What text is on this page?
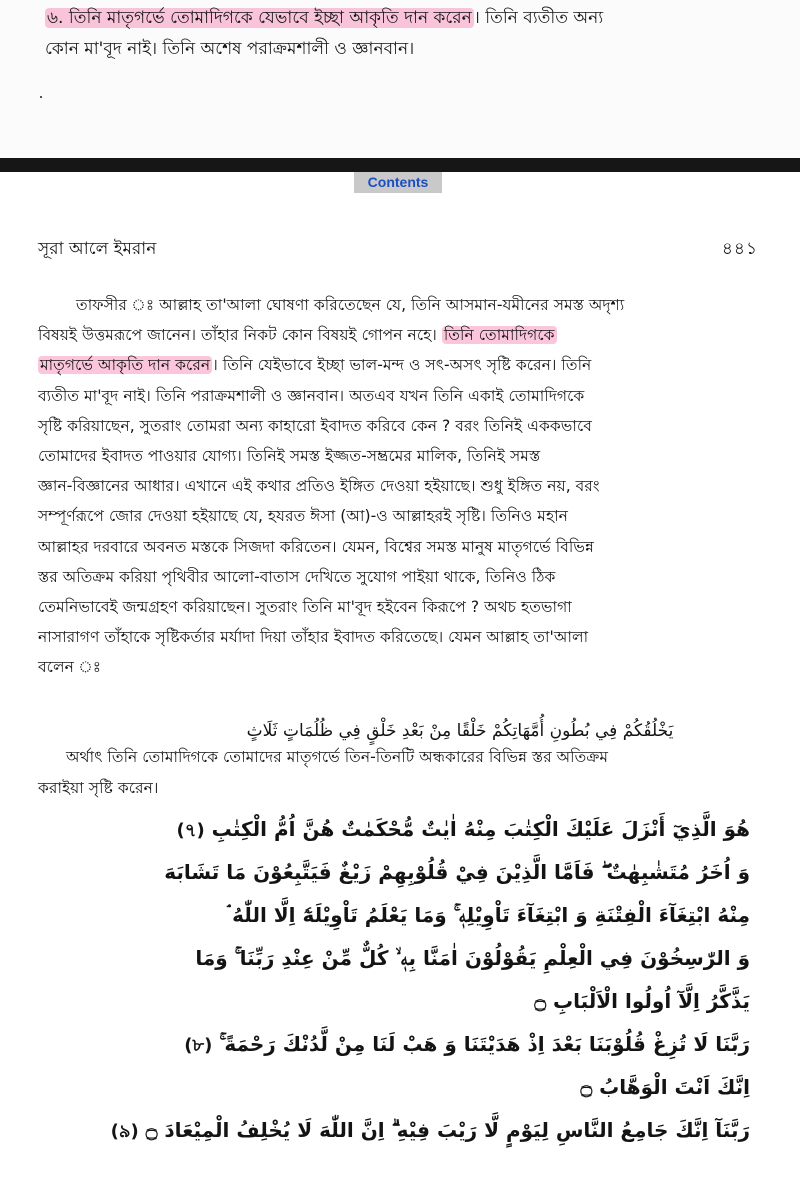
৬. তিনি মাতৃগর্ভে তোমাদিগকে যেভাবে ইচ্ছা আকৃতি দান করেন । তিনি ব্যতীত অন্য
কোন মা'বূদ নাই। তিনি অশেষ পরাক্রমশালী ও জ্ঞানবান।
Contents
সূরা আলে ইমরান	৪৪১
তাফসীর ঃ আল্লাহ তা'আলা ঘোষণা করিতেছেন যে, তিনি আসমান-যমীনের সমস্ত অদৃশ্য
বিষয়ই উত্তমরূপে জানেন। তাঁহার নিকট কোন বিষয়ই গোপন নহে। তিনি তোমাদিগকে
মাতৃগর্ভে আকৃতি দান করেন । তিনি যেইভাবে ইচ্ছা ভাল-মন্দ ও সৎ-অসৎ সৃষ্টি করেন। তিনি
ব্যতীত মা'বূদ নাই। তিনি পরাক্রমশালী ও জ্ঞানবান। অতএব যখন তিনি একাই তোমাদিগকে
সৃষ্টি করিয়াছেন, সুতরাং তোমরা অন্য কাহারো ইবাদত করিবে কেন ? বরং তিনিই এককভাবে
তোমাদের ইবাদত পাওয়ার যোগ্য। তিনিই সমস্ত ইজ্জত-সম্ভ্রমের মালিক, তিনিই সমস্ত
জ্ঞান-বিজ্ঞানের আধার। এখানে এই কথার প্রতিও ইঙ্গিত দেওয়া হইয়াছে। শুধু ইঙ্গিত নয়, বরং
সম্পূর্ণরূপে জোর দেওয়া হইয়াছে যে, হযরত ঈসা (আ)-ও আল্লাহরই সৃষ্টি। তিনিও মহান
আল্লাহর দরবারে অবনত মস্তকে সিজদা করিতেন। যেমন, বিশ্বের সমস্ত মানুষ মাতৃগর্ভে বিভিন্ন
স্তর অতিক্রম করিয়া পৃথিবীর আলো-বাতাস দেখিতে সুযোগ পাইয়া থাকে, তিনিও ঠিক
তেমনিভাবেই জন্মগ্রহণ করিয়াছেন। সুতরাং তিনি মা'বূদ হইবেন কিরূপে ? অথচ হতভাগা
নাসারাগণ তাঁহাকে সৃষ্টিকর্তার মর্যাদা দিয়া তাঁহার ইবাদত করিতেছে। যেমন আল্লাহ তা'আলা
বলেন ঃ
يَخْلُقُكُمْ فِي بُطُونِ أُمَّهَاتِكُمْ خَلْقًا مِنْ بَعْدِ خَلْقٍ فِي ظُلُمَاتٍ ثَلَاثٍ
অর্থাৎ তিনি তোমাদিগকে তোমাদের মাতৃগর্ভে তিন-তিনটি অন্ধকারের বিভিন্ন স্তর অতিক্রম
করাইয়া সৃষ্টি করেন।
هُوَ الَّذِيٓ أَنْزَلَ عَلَيْكَ الْكِتٰبَ مِنْهُ اٰيٰتٌ مُّحْكَمٰتٌ هُنَّ اُمُّ الْكِتٰبِ (৭)
وَ اُخَرُ مُتَشٰبِهٰتٌ ۖ فَاَمَّا الَّذِيْنَ فِيْ قُلُوْبِهِمْ زَيْغٌ فَيَتَّبِعُوْنَ مَا تَشَابَهَ
مِنْهُ ابْتِغَآءَ الْفِتْنَةِ وَ ابْتِغَآءَ تَاْوِيْلِهٖ ۚ وَمَا يَعْلَمُ تَاْوِيْلَهٗٓ اِلَّا اللّٰهُ ۘ
وَ الرّٰسِخُوْنَ فِي الْعِلْمِ يَقُوْلُوْنَ اٰمَنَّا بِهٖ ۙ كُلٌّ مِّنْ عِنْدِ رَبِّنَا ۚ وَمَا
يَذَّكَّرُ اِلَّآ اُولُوا الْاَلْبَابِ ۝
رَبَّنَا لَا تُزِغْ قُلُوْبَنَا بَعْدَ اِذْ هَدَيْتَنَا وَ هَبْ لَنَا مِنْ لَّدُنْكَ رَحْمَةً ۚ (৮)
اِنَّكَ اَنْتَ الْوَهَّابُ ۝
رَبَّنَآ اِنَّكَ جَامِعُ النَّاسِ لِيَوْمٍ لَّا رَيْبَ فِيْهِ ۗ اِنَّ اللّٰهَ لَا يُخْلِفُ الْمِيْعَادَ ۝ (৯)
